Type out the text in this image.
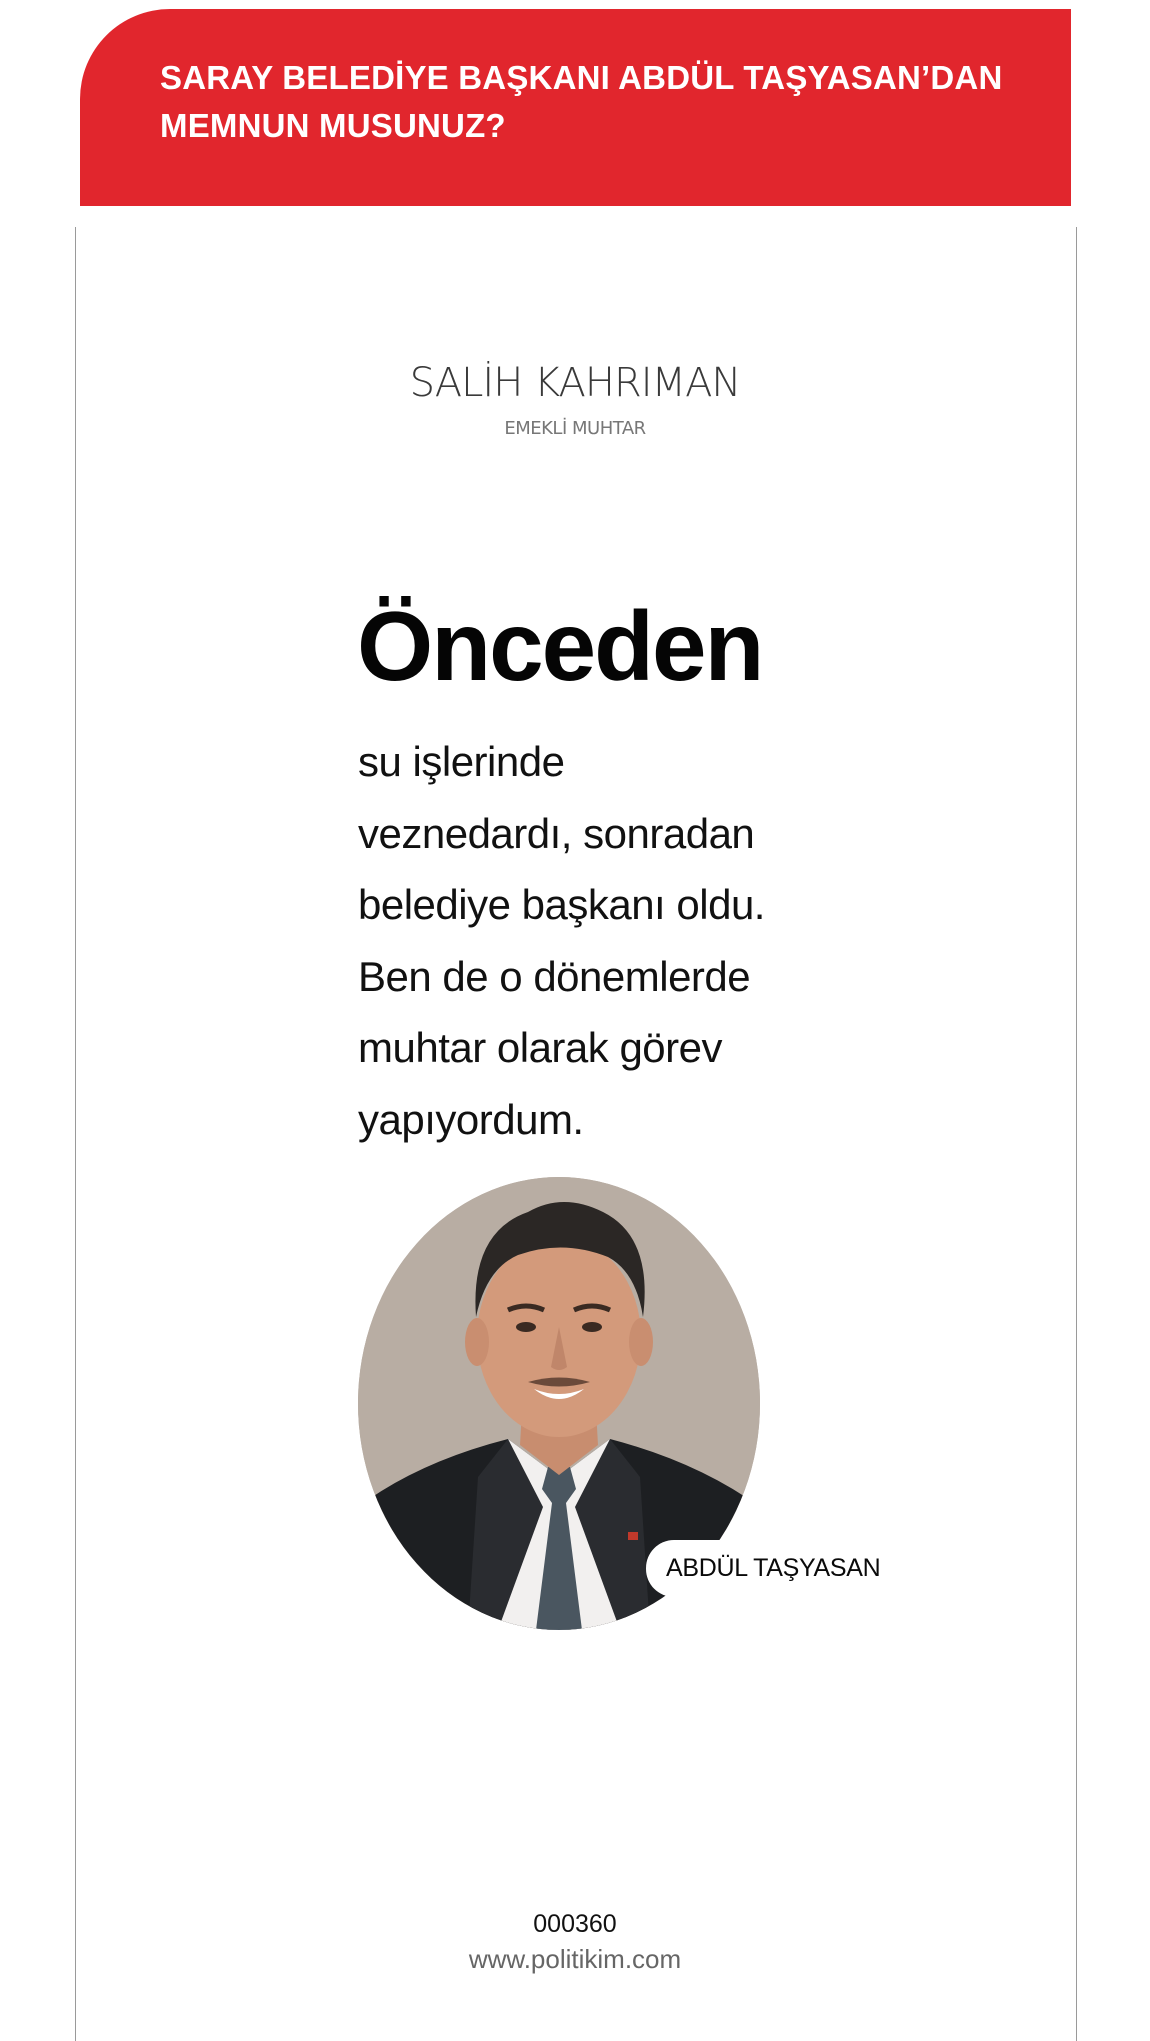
SARAY BELEDİYE BAŞKANI ABDÜL TAŞYASAN’DAN
MEMNUN MUSUNUZ?
SALİH KAHRIMAN
EMEKLİ MUHTAR
Önceden

su işlerinde
veznedardı, sonradan
belediye başkanı oldu.
Ben de o dönemlerde
muhtar olarak görev
yapıyordum.

ABDÜL TAŞYASAN
000360
www.politikim.com
